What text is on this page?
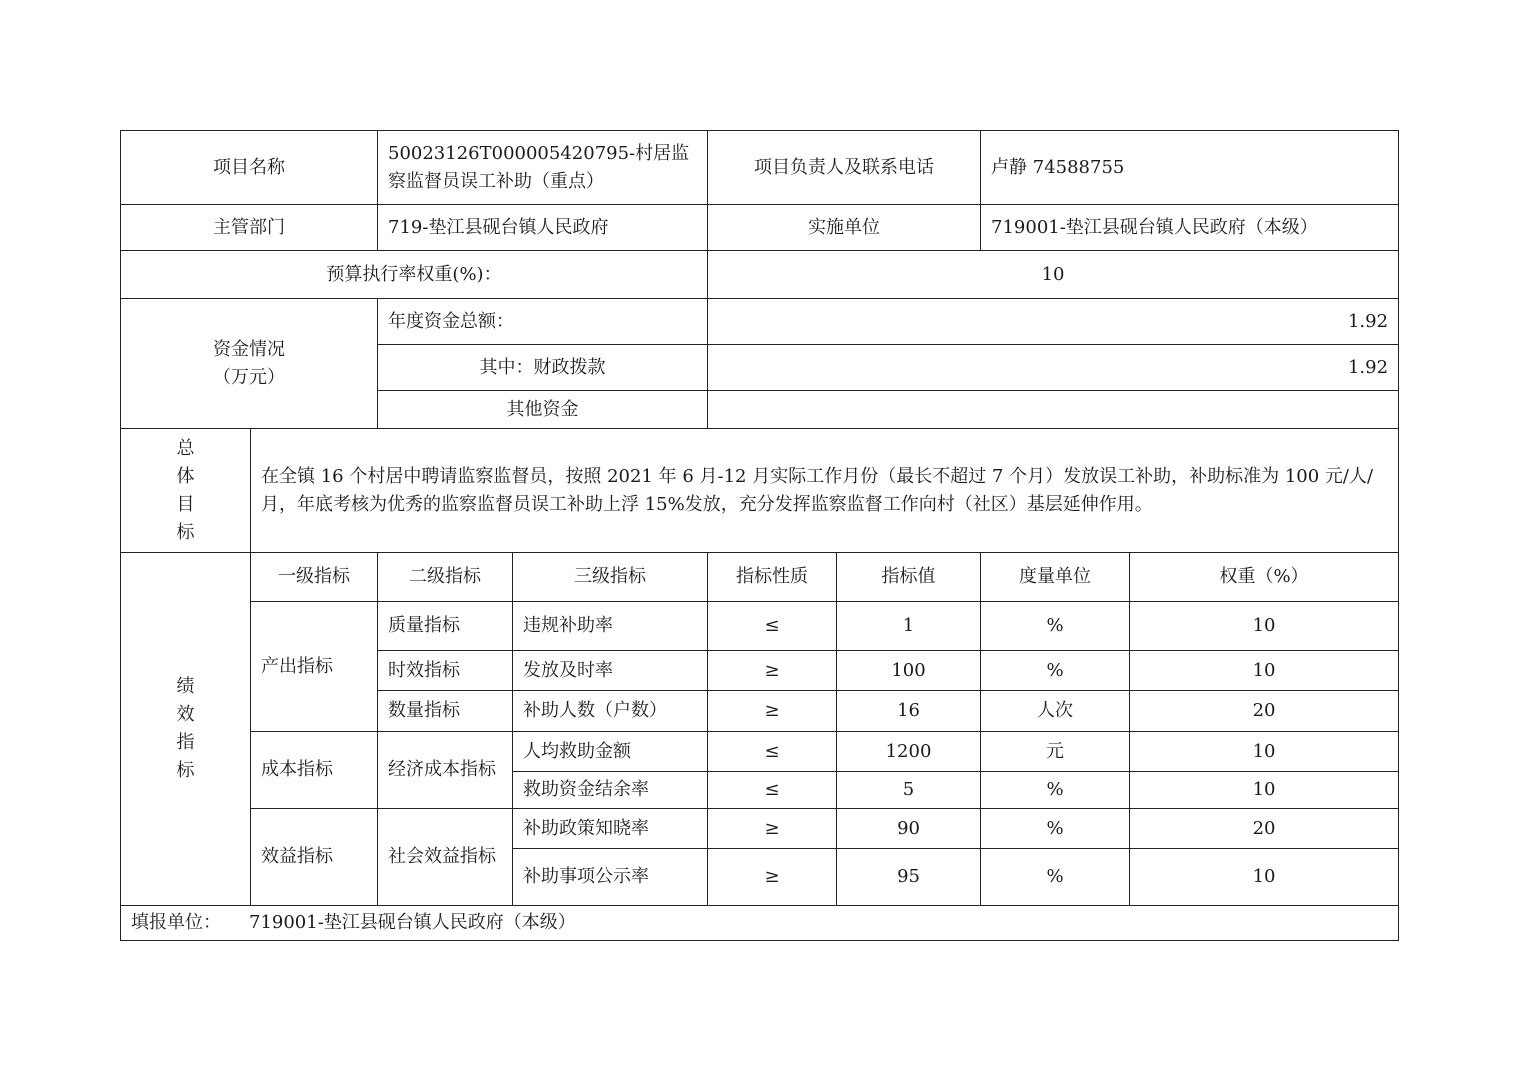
项目名称		50023126T000005420795-村居监察监督员误工补助（重点）		项目负责人及联系电话		卢静 74588755	
主管部门		719-垫江县砚台镇人民政府		实施单位		719001-垫江县砚台镇人民政府（本级）	
预算执行率权重(%)：				10			

资金情况
（万元）		年度资金总额：		1.92			
		其中：财政拨款		1.92			
		其他资金					

总
体
目
标	在全镇 16 个村居中聘请监察监督员，按照 2021 年 6 月-12 月实际工作月份（最长不超过 7 个月）发放误工补助，补助标准为 100 元/人/月，年底考核为优秀的监察监督员误工补助上浮 15%发放，充分发挥监察监督工作向村（社区）基层延伸作用。						

绩
效
指
标	一级指标	二级指标	三级指标	指标性质	指标值	度量单位	权重（%）
	产出指标	质量指标	违规补助率	≤	1	%	10
		时效指标	发放及时率	≥	100	%	10
		数量指标	补助人数（户数）	≥	16	人次	20
	成本指标	经济成本指标	人均救助金额	≤	1200	元	10
			救助资金结余率	≤	5	%	10
	效益指标	社会效益指标	补助政策知晓率	≥	90	%	20
			补助事项公示率	≥	95	%	10
填报单位： 719001-垫江县砚台镇人民政府（本级）							
